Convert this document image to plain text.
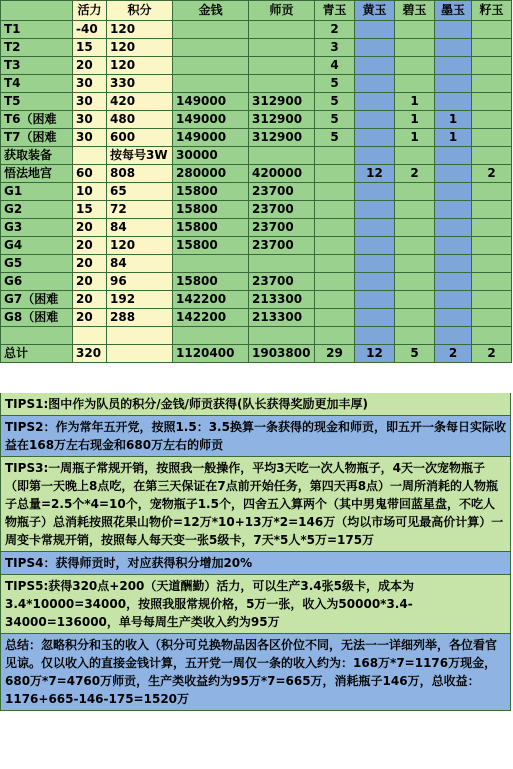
	活力	积分	金钱	师贡	青玉	黄玉	碧玉	墨玉	籽玉
T1	-40	120			2				
T2	15	120			3				
T3	20	120			4				
T4	30	330			5				
T5	30	420	149000	312900	5		1		
T6（困难	30	480	149000	312900	5		1	1	
T7（困难	30	600	149000	312900	5		1	1	
获取装备		按每号3W	30000						
悟法地宫	60	808	280000	420000		12	2		2
G1	10	65	15800	23700					
G2	15	72	15800	23700					
G3	20	84	15800	23700					
G4	20	120	15800	23700					
G5	20	84							
G6	20	96	15800	23700					
G7（困难	20	192	142200	213300					
G8（困难	20	288	142200	213300					

总计	320		1120400	1903800	29	12	5	2	2
TIPS1:图中作为队员的积分/金钱/师贡获得(队长获得奖励更加丰厚)
TIPS2：作为常年五开党，按照1.5：3.5换算一条获得的现金和师贡，即五开一条每日实际收益在168万左右现金和680万左右的师贡
TIPS3:一周瓶子常规开销，按照我一般操作，平均3天吃一次人物瓶子，4天一次宠物瓶子（即第一天晚上8点吃，在第三天保证在7点前开始任务，第四天再8点）一周所消耗的人物瓶子总量=2.5个*4=10个，宠物瓶子1.5个，四舍五入算两个（其中男鬼带回蓝星盘，不吃人物瓶子）总消耗按照花果山物价=12万*10+13万*2=146万（均以市场可见最高价计算）一周变卡常规开销，按照每人每天变一张5级卡，7天*5人*5万=175万
TIPS4：获得师贡时，对应获得积分增加20%
TIPS5:获得320点+200（天道酬勤）活力，可以生产3.4张5级卡，成本为3.4*10000=34000，按照我服常规价格，5万一张，收入为50000*3.4-34000=136000，单号每周生产类收入约为95万
总结：忽略积分和玉的收入（积分可兑换物品因各区价位不同，无法一一详细列举，各位看官见谅。仅以收入的直接金钱计算，五开党一周仅一条的收入约为：168万*7=1176万现金，680万*7=4760万师贡，生产类收益约为95万*7=665万，消耗瓶子146万，总收益：1176+665-146-175=1520万
